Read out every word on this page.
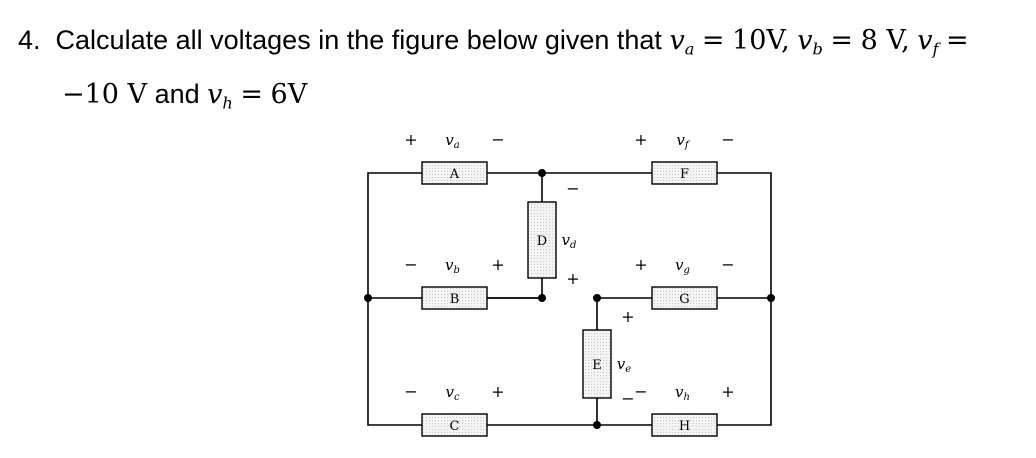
4. Calculate all voltages in the figure below given that $v_a = 10V$, $v_b = 8$ V, $v_f$ =
−10 V and $v_h = 6V$
A
+ $v_a$ −
B
− $v_b$ +
C
− $v_c$ +
D
−
$v_d$
+
E
+
$v_e$
−
F
+ $v_f$ −
G
+ $v_g$ −
H
− $v_h$ +
